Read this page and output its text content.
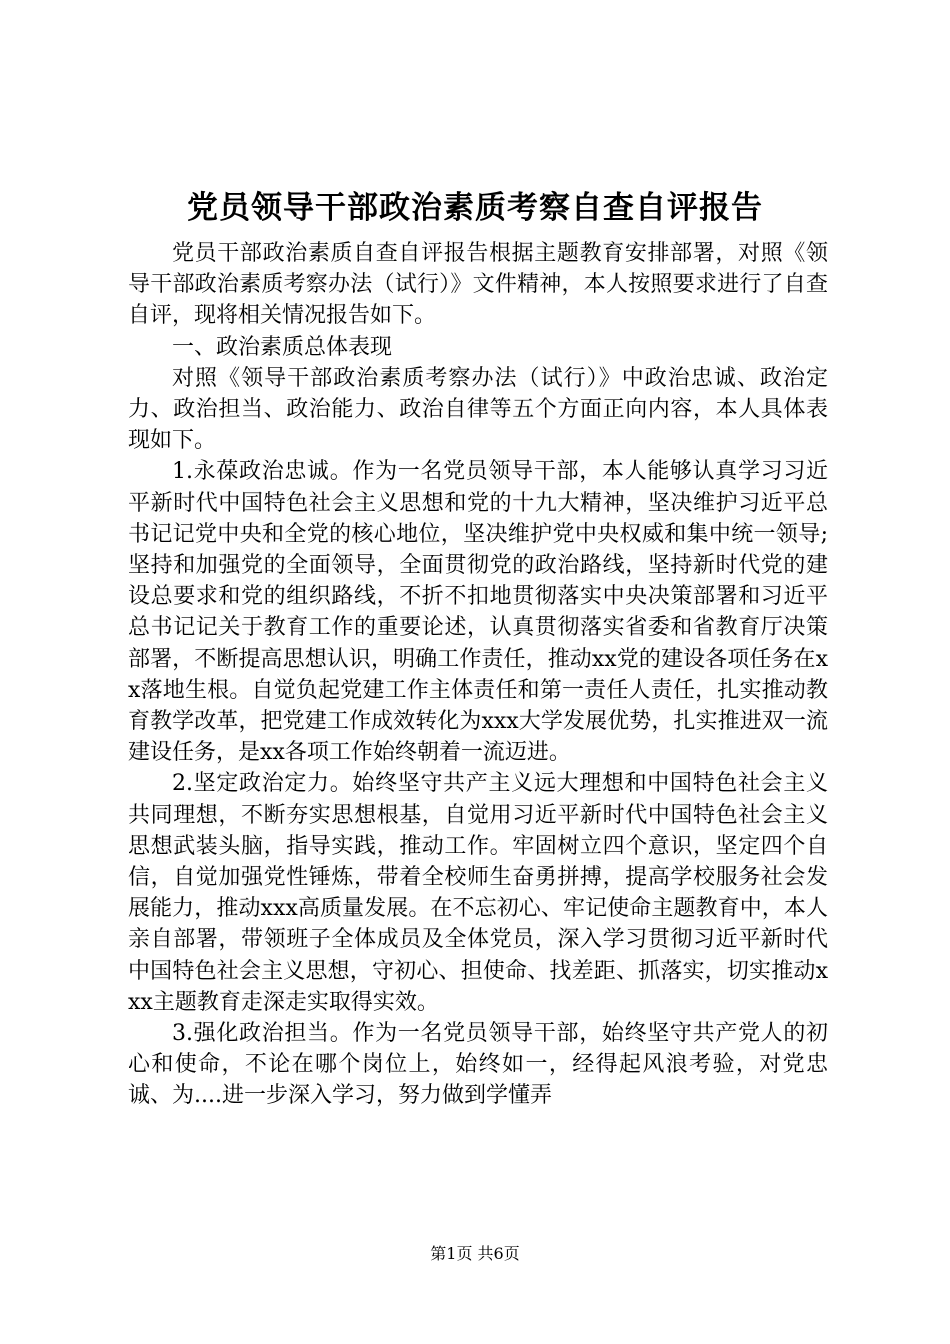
党员领导干部政治素质考察自查自评报告

党员干部政治素质自查自评报告根据主题教育安排部署，对照《领导干部政治素质考察办法（试行）》文件精神，本人按照要求进行了自查自评，现将相关情况报告如下。

一、政治素质总体表现

对照《领导干部政治素质考察办法（试行）》中政治忠诚、政治定力、政治担当、政治能力、政治自律等五个方面正向内容，本人具体表现如下。

1.永葆政治忠诚。作为一名党员领导干部，本人能够认真学习习近平新时代中国特色社会主义思想和党的十九大精神，坚决维护习近平总书记记党中央和全党的核心地位，坚决维护党中央权威和集中统一领导;坚持和加强党的全面领导，全面贯彻党的政治路线，坚持新时代党的建设总要求和党的组织路线，不折不扣地贯彻落实中央决策部署和习近平总书记记关于教育工作的重要论述，认真贯彻落实省委和省教育厅决策部署，不断提高思想认识，明确工作责任，推动xx党的建设各项任务在xx落地生根。自觉负起党建工作主体责任和第一责任人责任，扎实推动教育教学改革，把党建工作成效转化为xxx大学发展优势，扎实推进双一流建设任务，是xx各项工作始终朝着一流迈进。

2.坚定政治定力。始终坚守共产主义远大理想和中国特色社会主义共同理想，不断夯实思想根基，自觉用习近平新时代中国特色社会主义思想武装头脑，指导实践，推动工作。牢固树立四个意识，坚定四个自信，自觉加强党性锤炼，带着全校师生奋勇拼搏，提高学校服务社会发展能力，推动xxx高质量发展。在不忘初心、牢记使命主题教育中，本人亲自部署，带领班子全体成员及全体党员，深入学习贯彻习近平新时代中国特色社会主义思想，守初心、担使命、找差距、抓落实，切实推动xxx主题教育走深走实取得实效。

3.强化政治担当。作为一名党员领导干部，始终坚守共产党人的初心和使命，不论在哪个岗位上，始终如一，经得起风浪考验，对党忠诚、为....进一步深入学习，努力做到学懂弄

第1页 共6页
